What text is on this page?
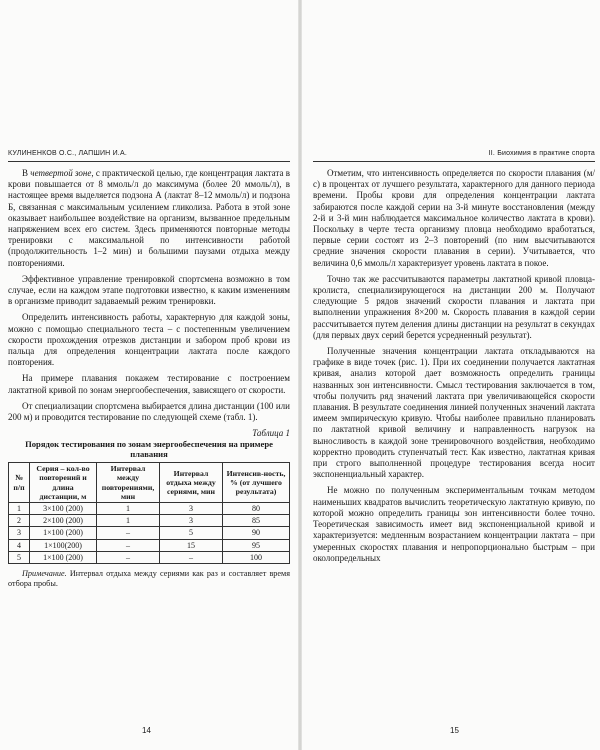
КУЛИНЕНКОВ О.С., ЛАПШИН И.А.

В четвертой зоне, с практической целью, где концентрация лактата в крови повышается от 8 ммоль/л до максимума (более 20 ммоль/л), в настоящее время выделяется подзона А (лактат 8–12 ммоль/л) и подзона Б, связанная с максимальным усилением гликолиза. Работа в этой зоне оказывает наибольшее воздействие на организм, вызванное предельным напряжением всех его систем. Здесь применяются повторные методы тренировки с максимальной по интенсивности работой (продолжительность 1–2 мин) и большими паузами отдыха между повторениями.

Эффективное управление тренировкой спортсмена возможно в том случае, если на каждом этапе подготовки известно, к каким изменениям в организме приводит задаваемый режим тренировки.

Определить интенсивность работы, характерную для каждой зоны, можно с помощью специального теста – с постепенным увеличением скорости прохождения отрезков дистанции и забором проб крови из пальца для определения концентрации лактата после каждого повторения.

На примере плавания покажем тестирование с построением лактатной кривой по зонам энергообеспечения, зависящего от скорости.

От специализации спортсмена выбирается длина дистанции (100 или 200 м) и проводится тестирование по следующей схеме (табл. 1).

Таблица 1
Порядок тестирования по зонам энергообеспечения на примере плавания
№ п/п	Серия – кол-во повторений и длина дистанции, м	Интервал между повторениями, мин	Интервал отдыха между сериями, мин	Интенсив-ность, % (от лучшего результата)
1	3×100 (200)	1	3	80
2	2×100 (200)	1	3	85
3	1×100 (200)	–	5	90
4	1×100(200)	–	15	95
5	1×100 (200)	–	–	100
Примечание. Интервал отдыха между сериями как раз и составляет время отбора пробы.
14
II. Биохимия в практике спорта

Отметим, что интенсивность определяется по скорости плавания (м/с) в процентах от лучшего результата, характерного для данного периода времени. Пробы крови для определения концентрации лактата забираются после каждой серии на 3-й минуте восстановления (между 2-й и 3-й мин наблюдается максимальное количество лактата в крови). Поскольку в черте теста организму пловца необходимо вработаться, первые серии состоят из 2–3 повторений (по ним высчитываются средние значения скорости плавания в серии). Учитывается, что величина 0,6 ммоль/л характеризует уровень лактата в покое.

Точно так же рассчитываются параметры лактатной кривой пловца-кролиста, специализирующегося на дистанции 200 м. Получают следующие 5 рядов значений скорости плавания и лактата при выполнении упражнения 8×200 м. Скорость плавания в каждой серии рассчитывается путем деления длины дистанции на результат в секундах (для первых двух серий берется усредненный результат).

Полученные значения концентрации лактата откладываются на графике в виде точек (рис. 1). При их соединении получается лактатная кривая, анализ которой дает возможность определить границы названных зон интенсивности. Смысл тестирования заключается в том, чтобы получить ряд значений лактата при увеличивающейся скорости плавания. В результате соединения линией полученных значений лактата имеем эмпирическую кривую. Чтобы наиболее правильно планировать по лактатной кривой величину и направленность нагрузок на выносливость в каждой зоне тренировочного воздействия, необходимо корректно проводить ступенчатый тест. Как известно, лактатная кривая при строго выполненной процедуре тестирования всегда носит экспоненциальный характер.

Не можно по полученным экспериментальным точкам методом наименьших квадратов вычислить теоретическую лактатную кривую, по которой можно определить границы зон интенсивности более точно. Теоретическая зависимость имеет вид экспоненциальной кривой и характеризуется: медленным возрастанием концентрации лактата – при умеренных скоростях плавания и непропорционально быстрым – при околопредельных

15
